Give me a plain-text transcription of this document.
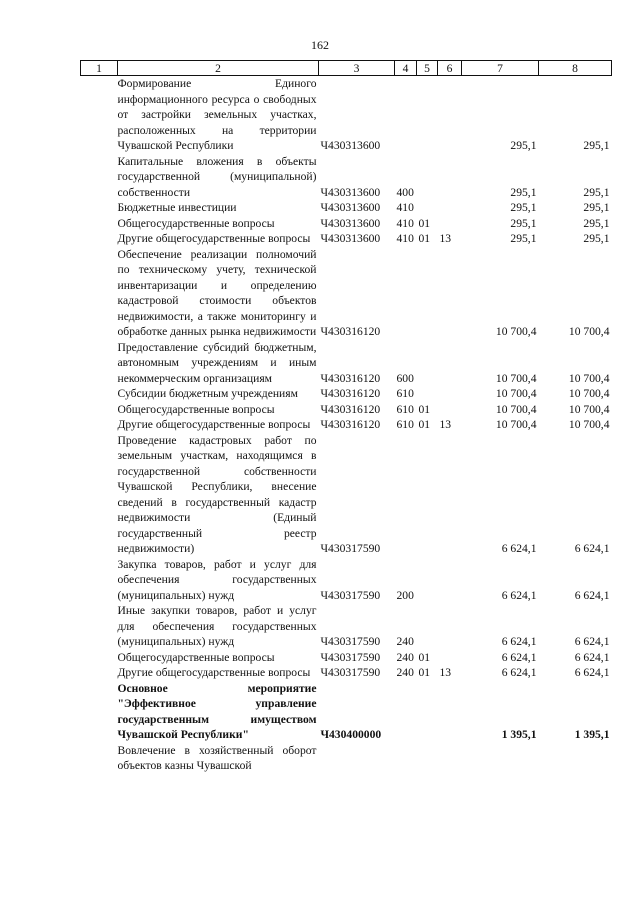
162
1	2	3	4	5	6	7	8
	Формирование Единого информационного ресурса о свободных от застройки земельных участках, расположенных на территории Чувашской Республики	Ч430313600				295,1	295,1
	Капитальные вложения в объекты государственной (муниципальной) собственности	Ч430313600	400			295,1	295,1
	Бюджетные инвестиции	Ч430313600	410			295,1	295,1
	Общегосударственные вопросы	Ч430313600	410	01		295,1	295,1
	Другие общегосударственные вопросы	Ч430313600	410	01	13	295,1	295,1
	Обеспечение реализации полномочий по техническому учету, технической инвентаризации и определению кадастровой стоимости объектов недвижимости, а также мониторингу и обработке данных рынка недвижимости	Ч430316120				10 700,4	10 700,4
	Предоставление субсидий бюджетным, автономным учреждениям и иным некоммерческим организациям	Ч430316120	600			10 700,4	10 700,4
	Субсидии бюджетным учреждениям	Ч430316120	610			10 700,4	10 700,4
	Общегосударственные вопросы	Ч430316120	610	01		10 700,4	10 700,4
	Другие общегосударственные вопросы	Ч430316120	610	01	13	10 700,4	10 700,4
	Проведение кадастровых работ по земельным участкам, находящимся в государственной собственности Чувашской Республики, внесение сведений в государственный кадастр недвижимости (Единый государственный реестр недвижимости)	Ч430317590				6 624,1	6 624,1
	Закупка товаров, работ и услуг для обеспечения государственных (муниципальных) нужд	Ч430317590	200			6 624,1	6 624,1
	Иные закупки товаров, работ и услуг для обеспечения государственных (муниципальных) нужд	Ч430317590	240			6 624,1	6 624,1
	Общегосударственные вопросы	Ч430317590	240	01		6 624,1	6 624,1
	Другие общегосударственные вопросы	Ч430317590	240	01	13	6 624,1	6 624,1
	Основное мероприятие "Эффективное управление государственным имуществом Чувашской Республики"	Ч430400000				1 395,1	1 395,1
	Вовлечение в хозяйственный оборот объектов казны Чувашской						
